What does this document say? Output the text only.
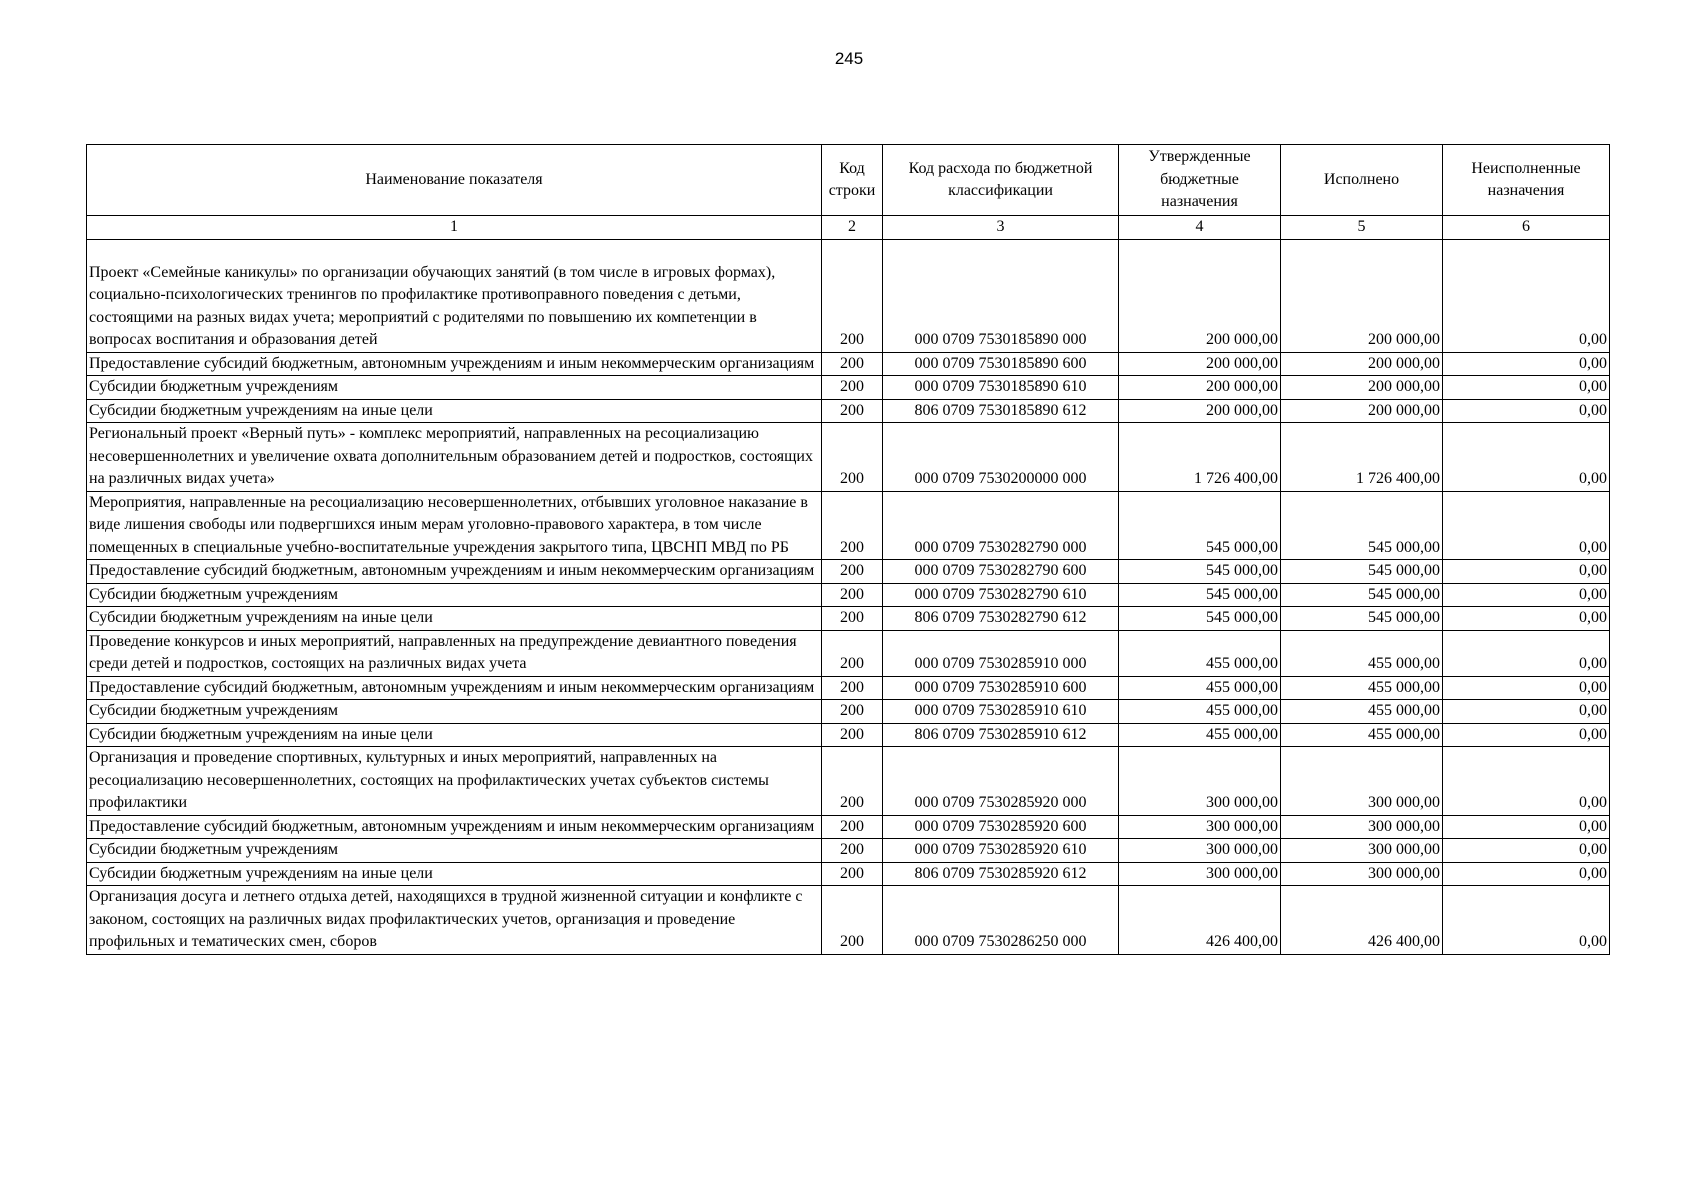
245
Наименование показателя	Код строки	Код расхода по бюджетной классификации	Утвержденные бюджетные назначения	Исполнено	Неисполненные назначения
1	2	3	4	5	6
Проект «Семейные каникулы» по организации обучающих занятий (в том числе в игровых формах), социально-психологических тренингов по профилактике противоправного поведения с детьми, состоящими на разных видах учета; мероприятий с родителями по повышению их компетенции в вопросах воспитания и образования детей	200	000 0709 7530185890 000	200 000,00	200 000,00	0,00
Предоставление субсидий бюджетным, автономным учреждениям и иным некоммерческим организациям	200	000 0709 7530185890 600	200 000,00	200 000,00	0,00
Субсидии бюджетным учреждениям	200	000 0709 7530185890 610	200 000,00	200 000,00	0,00
Субсидии бюджетным учреждениям на иные цели	200	806 0709 7530185890 612	200 000,00	200 000,00	0,00
Региональный проект «Верный путь» - комплекс мероприятий, направленных на ресоциализацию несовершеннолетних и увеличение охвата дополнительным образованием детей и подростков, состоящих на различных видах учета»	200	000 0709 7530200000 000	1 726 400,00	1 726 400,00	0,00
Мероприятия, направленные на ресоциализацию несовершеннолетних, отбывших уголовное наказание в виде лишения свободы или подвергшихся иным мерам уголовно-правового характера, в том числе помещенных в специальные учебно-воспитательные учреждения закрытого типа, ЦВСНП МВД по РБ	200	000 0709 7530282790 000	545 000,00	545 000,00	0,00
Предоставление субсидий бюджетным, автономным учреждениям и иным некоммерческим организациям	200	000 0709 7530282790 600	545 000,00	545 000,00	0,00
Субсидии бюджетным учреждениям	200	000 0709 7530282790 610	545 000,00	545 000,00	0,00
Субсидии бюджетным учреждениям на иные цели	200	806 0709 7530282790 612	545 000,00	545 000,00	0,00
Проведение конкурсов и иных мероприятий, направленных на предупреждение девиантного поведения среди детей и подростков, состоящих на различных видах учета	200	000 0709 7530285910 000	455 000,00	455 000,00	0,00
Предоставление субсидий бюджетным, автономным учреждениям и иным некоммерческим организациям	200	000 0709 7530285910 600	455 000,00	455 000,00	0,00
Субсидии бюджетным учреждениям	200	000 0709 7530285910 610	455 000,00	455 000,00	0,00
Субсидии бюджетным учреждениям на иные цели	200	806 0709 7530285910 612	455 000,00	455 000,00	0,00
Организация и проведение спортивных, культурных и иных мероприятий, направленных на ресоциализацию несовершеннолетних, состоящих на профилактических учетах субъектов системы профилактики	200	000 0709 7530285920 000	300 000,00	300 000,00	0,00
Предоставление субсидий бюджетным, автономным учреждениям и иным некоммерческим организациям	200	000 0709 7530285920 600	300 000,00	300 000,00	0,00
Субсидии бюджетным учреждениям	200	000 0709 7530285920 610	300 000,00	300 000,00	0,00
Субсидии бюджетным учреждениям на иные цели	200	806 0709 7530285920 612	300 000,00	300 000,00	0,00
Организация досуга и летнего отдыха детей, находящихся в трудной жизненной ситуации и конфликте с законом, состоящих на различных видах профилактических учетов, организация и проведение профильных и тематических смен, сборов	200	000 0709 7530286250 000	426 400,00	426 400,00	0,00
